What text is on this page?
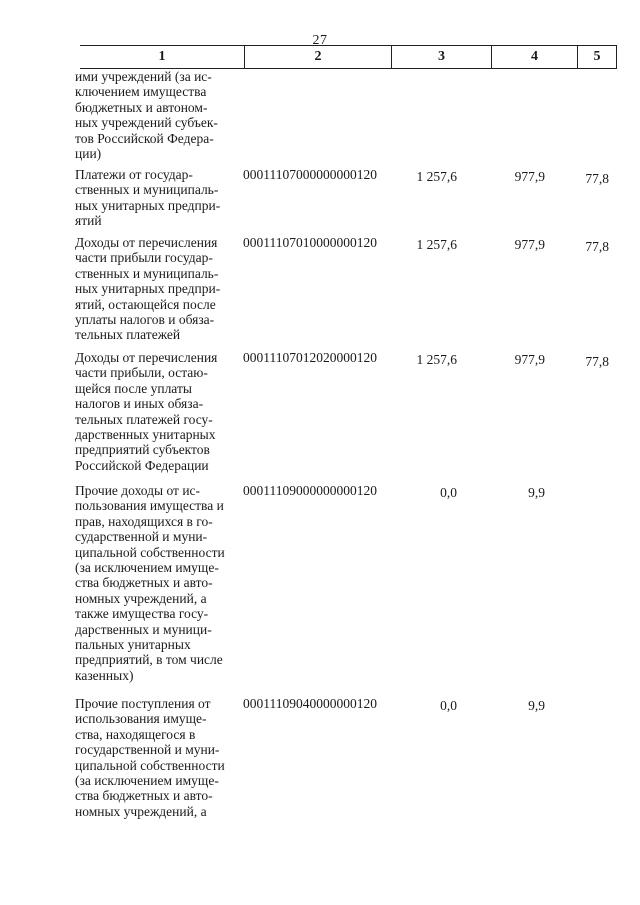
27
1	2	3	4	5
ими учреждений (за ис-
ключением имущества
бюджетных и автоном-
ных учреждений субъек-
тов Российской Федера-
ции)
Платежи от государ-
ственных и муниципаль-
ных унитарных предпри-
ятий
00011107000000000120	1 257,6	977,9	77,8
Доходы от перечисления
части прибыли государ-
ственных и муниципаль-
ных унитарных предпри-
ятий, остающейся после
уплаты налогов и обяза-
тельных платежей
00011107010000000120	1 257,6	977,9	77,8
Доходы от перечисления
части прибыли, остаю-
щейся после уплаты
налогов и иных обяза-
тельных платежей госу-
дарственных унитарных
предприятий субъектов
Российской Федерации
00011107012020000120	1 257,6	977,9	77,8
Прочие доходы от ис-
пользования имущества и
прав, находящихся в го-
сударственной и муни-
ципальной собственности
(за исключением имуще-
ства бюджетных и авто-
номных учреждений, а
также имущества госу-
дарственных и муници-
пальных унитарных
предприятий, в том числе
казенных)
00011109000000000120	0,0	9,9
Прочие поступления от
использования имуще-
ства, находящегося в
государственной и муни-
ципальной собственности
(за исключением имуще-
ства бюджетных и авто-
номных учреждений, а
00011109040000000120	0,0	9,9
